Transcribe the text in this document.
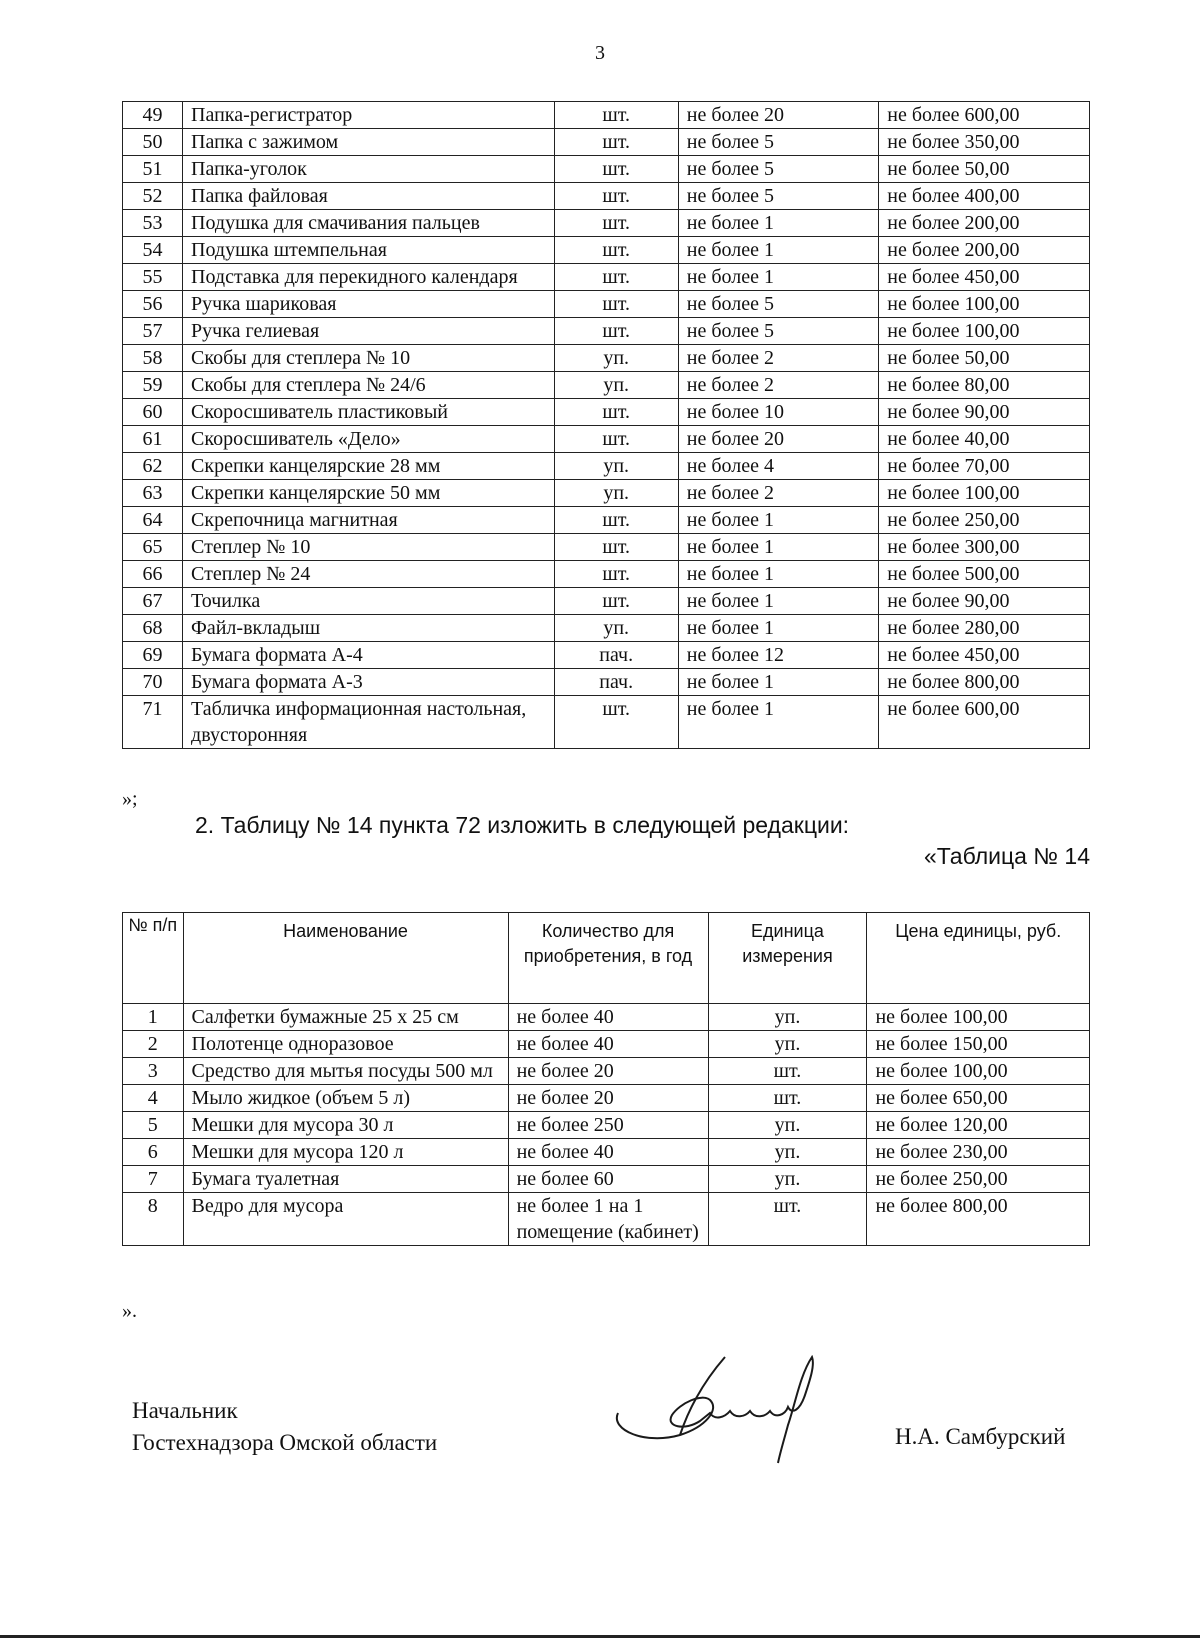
3
49	Папка-регистратор	шт.	не более 20	не более 600,00
50	Папка с зажимом	шт.	не более 5	не более 350,00
51	Папка-уголок	шт.	не более 5	не более 50,00
52	Папка файловая	шт.	не более 5	не более 400,00
53	Подушка для смачивания пальцев	шт.	не более 1	не более 200,00
54	Подушка штемпельная	шт.	не более 1	не более 200,00
55	Подставка для перекидного календаря	шт.	не более 1	не более 450,00
56	Ручка шариковая	шт.	не более 5	не более 100,00
57	Ручка гелиевая	шт.	не более 5	не более 100,00
58	Скобы для степлера № 10	уп.	не более 2	не более 50,00
59	Скобы для степлера № 24/6	уп.	не более 2	не более 80,00
60	Скоросшиватель пластиковый	шт.	не более 10	не более 90,00
61	Скоросшиватель «Дело»	шт.	не более 20	не более 40,00
62	Скрепки канцелярские 28 мм	уп.	не более 4	не более 70,00
63	Скрепки канцелярские 50 мм	уп.	не более 2	не более 100,00
64	Скрепочница магнитная	шт.	не более 1	не более 250,00
65	Степлер № 10	шт.	не более 1	не более 300,00
66	Степлер № 24	шт.	не более 1	не более 500,00
67	Точилка	шт.	не более 1	не более 90,00
68	Файл-вкладыш	уп.	не более 1	не более 280,00
69	Бумага формата А-4	пач.	не более 12	не более 450,00
70	Бумага формата А-3	пач.	не более 1	не более 800,00
71	Табличка информационная настольная, двусторонняя	шт.	не более 1	не более 600,00
»;
2. Таблицу № 14 пункта 72 изложить в следующей редакции:
«Таблица № 14
№ п/п	Наименование	Количество для приобретения, в год	Единица измерения	Цена единицы, руб.
1	Салфетки бумажные 25 х 25 см	не более 40	уп.	не более 100,00
2	Полотенце одноразовое	не более 40	уп.	не более 150,00
3	Средство для мытья посуды 500 мл	не более 20	шт.	не более 100,00
4	Мыло жидкое (объем 5 л)	не более 20	шт.	не более 650,00
5	Мешки для мусора 30 л	не более 250	уп.	не более 120,00
6	Мешки для мусора 120 л	не более 40	уп.	не более 230,00
7	Бумага туалетная	не более 60	уп.	не более 250,00
8	Ведро для мусора	не более 1 на 1 помещение (кабинет)	шт.	не более 800,00
».
Начальник
Гостехнадзора Омской области	Н.А. Самбурский
